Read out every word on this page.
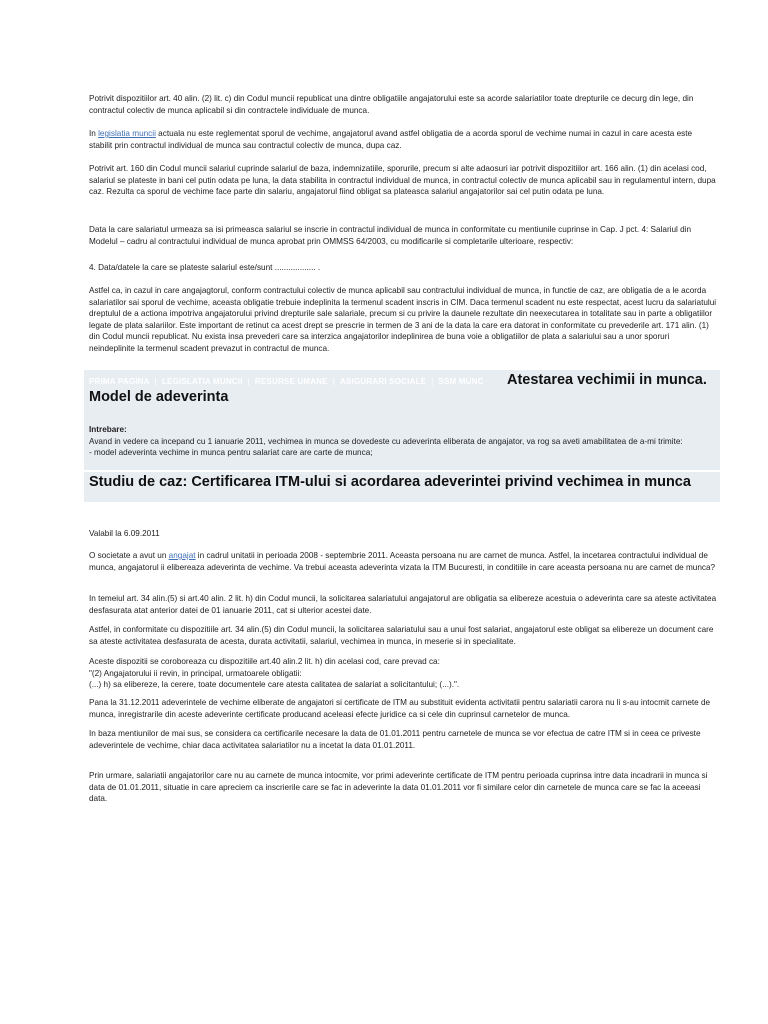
Potrivit dispozitiilor art. 40 alin. (2) lit. c) din Codul muncii republicat una dintre obligatiile angajatorului este sa acorde salariatilor toate drepturile ce decurg din lege, din contractul colectiv de munca aplicabil si din contractele individuale de munca.

In legislatia muncii actuala nu este reglementat sporul de vechime, angajatorul avand astfel obligatia de a acorda sporul de vechime numai in cazul in care acesta este stabilit prin contractul individual de munca sau contractul colectiv de munca, dupa caz.

Potrivit art. 160 din Codul muncii salariul cuprinde salariul de baza, indemnizatiile, sporurile, precum si alte adaosuri iar potrivit dispozitiilor art. 166 alin. (1) din acelasi cod, salariul se plateste in bani cel putin odata pe luna, la data stabilita in contractul individual de munca, in contractul colectiv de munca aplicabil sau in regulamentul intern, dupa caz. Rezulta ca sporul de vechime face parte din salariu, angajatorul fiind obligat sa plateasca salariul angajatorilor sai cel putin odata pe luna.

Data la care salariatul urmeaza sa isi primeasca salariul se inscrie in contractul individual de munca in conformitate cu mentiunile cuprinse in Cap. J pct. 4: Salariul din Modelul – cadru al contractului individual de munca aprobat prin OMMSS 64/2003, cu modificarile si completarile ulterioare, respectiv:

4. Data/datele la care se plateste salariul este/sunt .................. .

Astfel ca, in cazul in care angajagtorul, conform contractului colectiv de munca aplicabil sau contractului individual de munca, in functie de caz, are obligatia de a le acorda salariatilor sai sporul de vechime, aceasta obligatie trebuie indeplinita la termenul scadent inscris in CIM. Daca termenul scadent nu este respectat, acest lucru da salariatului dreptulul de a actiona impotriva angajatorului privind drepturile sale salariale, precum si cu privire la daunele rezultate din neexecutarea in totalitate sau in parte a obligatiilor legate de plata salariilor. Este important de retinut ca acest drept se prescrie in termen de 3 ani de la data la care era datorat in conformitate cu prevederile art. 171 alin. (1) din Codul muncii republicat. Nu exista insa prevederi care sa interzica angajatorilor indeplinirea de buna voie a obligatiilor de plata a salariului sau a unor sporuri neindeplinite la termenul scadent prevazut in contractul de munca.

PRIMA PAGINA | LEGISLATIA MUNCII | RESURSE UMANE | ASIGURARI SOCIALE | SSM MUNC Atestarea vechimii in munca.
Model de adeverinta

Intrebare:
Avand in vedere ca incepand cu 1 ianuarie 2011, vechimea in munca se dovedeste cu adeverinta eliberata de angajator, va rog sa aveti amabilitatea de a-mi trimite:
- model adeverinta vechime in munca pentru salariat care are carte de munca;

Studiu de caz: Certificarea ITM-ului si acordarea adeverintei privind vechimea in munca

Valabil la 6.09.2011

O societate a avut un angajat in cadrul unitatii in perioada 2008 - septembrie 2011. Aceasta persoana nu are carnet de munca. Astfel, la incetarea contractului individual de munca, angajatorul ii elibereaza adeverinta de vechime. Va trebui aceasta adeverinta vizata la ITM Bucuresti, in conditiile in care aceasta persoana nu are carnet de munca?

In temeiul art. 34 alin.(5) si art.40 alin. 2 lit. h) din Codul muncii, la solicitarea salariatului angajatorul are obligatia sa elibereze acestuia o adeverinta care sa ateste activitatea desfasurata atat anterior datei de 01 ianuarie 2011, cat si ulterior acestei date.

Astfel, in conformitate cu dispozitiile art. 34 alin.(5) din Codul muncii, la solicitarea salariatului sau a unui fost salariat, angajatorul este obligat sa elibereze un document care sa ateste activitatea desfasurata de acesta, durata activitatii, salariul, vechimea in munca, in meserie si in specialitate.

Aceste dispozitii se coroboreaza cu dispozitiile art.40 alin.2 lit. h) din acelasi cod, care prevad ca:
"(2) Angajatorului ii revin, in principal, urmatoarele obligatii:
(...) h) sa elibereze, la cerere, toate documentele care atesta calitatea de salariat a solicitantului; (...).".

Pana la 31.12.2011 adeverintele de vechime eliberate de angajatori si certificate de ITM au substituit evidenta activitatii pentru salariatii carora nu li s-au intocmit carnete de munca, inregistrarile din aceste adeverinte certificate producand aceleasi efecte juridice ca si cele din cuprinsul carnetelor de munca.

In baza mentiunilor de mai sus, se considera ca certificarile necesare la data de 01.01.2011 pentru carnetele de munca se vor efectua de catre ITM si in ceea ce priveste adeverintele de vechime, chiar daca activitatea salariatilor nu a incetat la data 01.01.2011.

Prin urmare, salariatii angajatorilor care nu au carnete de munca intocmite, vor primi adeverinte certificate de ITM pentru perioada cuprinsa intre data incadrarii in munca si data de 01.01.2011, situatie in care apreciem ca inscrierile care se fac in adeverinte la data 01.01.2011 vor fi similare celor din carnetele de munca care se fac la aceeasi data.
